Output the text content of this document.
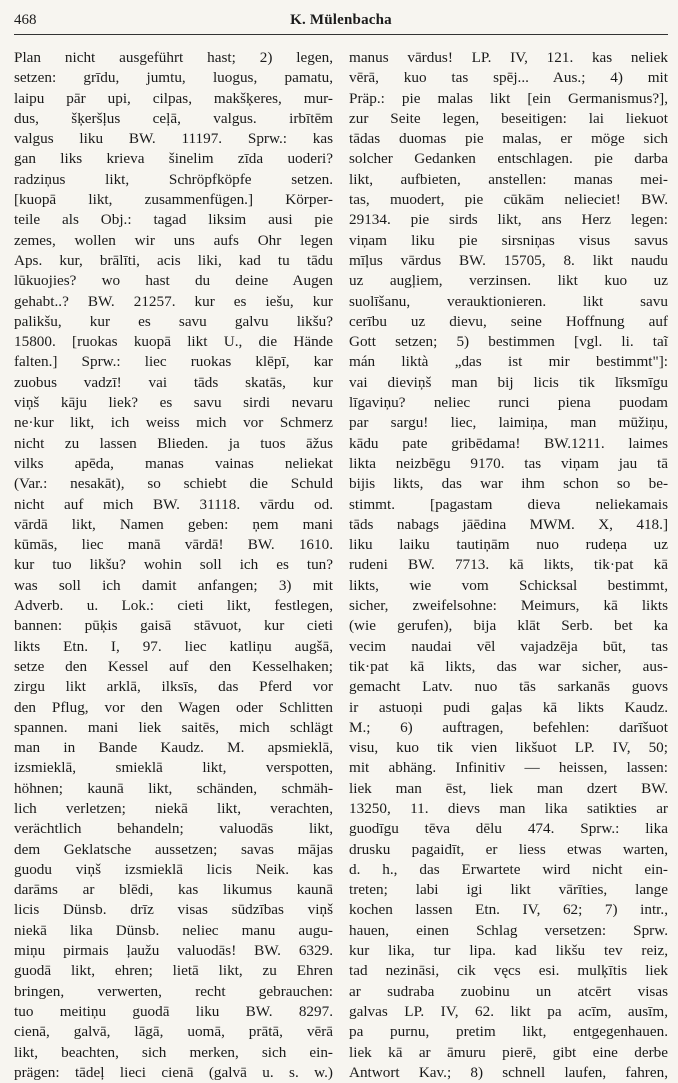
468	K. Mülenbacha

Plan nicht ausgeführt hast; 2) legen,

setzen: grīdu, jumtu, luogus, pamatu,

laipu pār upi, cilpas, makšķeres, mur-

dus, šķeršļus ceļā, valgus. irbītēm

valgus liku BW. 11197. Sprw.: kas

gan liks krieva šinelim zīda uoderi?

radziņus likt, Schröpfköpfe setzen.

[kuopā likt, zusammenfügen.] Körper-

teile als Obj.: tagad liksim ausi pie

zemes, wollen wir uns aufs Ohr legen

Aps. kur, brālīti, acis liki, kad tu tādu

lūkuojies? wo hast du deine Augen

gehabt..? BW. 21257. kur es iešu, kur

palikšu, kur es savu galvu likšu?

15800. [ruokas kuopā likt U., die Hände

falten.] Sprw.: liec ruokas klēpī, kar

zuobus vadzī! vai tāds skatās, kur

viņš kāju liek? es savu sirdi nevaru

ne·kur likt, ich weiss mich vor Schmerz

nicht zu lassen Blieden. ja tuos āžus

vilks apēda, manas vainas neliekat

(Var.: nesakāt), so schiebt die Schuld

nicht auf mich BW. 31118. vārdu od.

vārdā likt, Namen geben: ņem mani

kūmās, liec manā vārdā! BW. 1610.

kur tuo likšu? wohin soll ich es tun?

was soll ich damit anfangen; 3) mit

Adverb. u. Lok.: cieti likt, festlegen,

bannen: pūķis gaisā stāvuot, kur cieti

likts Etn. I, 97. liec katliņu augšā,

setze den Kessel auf den Kesselhaken;

zirgu likt arklā, ilksīs, das Pferd vor

den Pflug, vor den Wagen oder Schlitten

spannen. mani liek saitēs, mich schlägt

man in Bande Kaudz. M. apsmieklā,

izsmieklā, smieklā likt, verspotten,

höhnen; kaunā likt, schänden, schmäh-

lich verletzen; niekā likt, verachten,

verächtlich behandeln; valuodās likt,

dem Geklatsche aussetzen; savas mājas

guodu viņš izsmieklā licis Neik. kas

darāms ar blēdi, kas likumus kaunā

licis Dünsb. drīz visas sūdzības viņš

niekā lika Dünsb. neliec manu augu-

miņu pirmais ļaužu valuodās! BW. 6329.

guodā likt, ehren; lietā likt, zu Ehren

bringen, verwerten, recht gebrauchen:

tuo meitiņu guodā liku BW. 8297.

cienā, galvā, lāgā, uomā, prātā, vērā

likt, beachten, sich merken, sich ein-

prägen: tādeļ lieci cienā (galvā u. s. w.)

manus vārdus! LP. IV, 121. kas neliek

vērā, kuo tas spēj... Aus.; 4) mit

Präp.: pie malas likt [ein Germanismus?],

zur Seite legen, beseitigen: lai liekuot

tādas duomas pie malas, er möge sich

solcher Gedanken entschlagen. pie darba

likt, aufbieten, anstellen: manas mei-

tas, muodert, pie cūkām nelieciet! BW.

29134. pie sirds likt, ans Herz legen:

viņam liku pie sirsniņas visus savus

mīļus vārdus BW. 15705, 8. likt naudu

uz augļiem, verzinsen. likt kuo uz

suolīšanu, verauktionieren. likt savu

cerību uz dievu, seine Hoffnung auf

Gott setzen; 5) bestimmen [vgl. li. taĩ

mán liktà „das ist mir bestimmt"]:

vai dieviņš man bij licis tik līksmīgu

līgaviņu? neliec runci piena puodam

par sargu! liec, laimiņa, man mūžiņu,

kādu pate gribēdama! BW.1211. laimes

likta neizbēgu 9170. tas viņam jau tā

bijis likts, das war ihm schon so be-

stimmt. [pagastam dieva neliekamais

tāds nabags jāēdina MWM. X, 418.]

liku laiku tautiņām nuo rudeņa uz

rudeni BW. 7713. kā likts, tik·pat kā

likts, wie vom Schicksal bestimmt,

sicher, zweifelsohne: Meimurs, kā likts

(wie gerufen), bija klāt Serb. bet ka

vecim naudai vēl vajadzēja būt, tas

tik·pat kā likts, das war sicher, aus-

gemacht Latv. nuo tās sarkanās guovs

ir astuoņi pudi gaļas kā likts Kaudz.

M.; 6) auftragen, befehlen: darīšuot

visu, kuo tik vien likšuot LP. IV, 50;

mit abhäng. Infinitiv — heissen, lassen:

liek man ēst, liek man dzert BW.

13250, 11. dievs man lika satikties ar

guodīgu tēva dēlu 474. Sprw.: lika

drusku pagaidīt, er liess etwas warten,

d. h., das Erwartete wird nicht ein-

treten; labi igi likt vārīties, lange

kochen lassen Etn. IV, 62; 7) intr.,

hauen, einen Schlag versetzen: Sprw.

kur lika, tur lipa. kad likšu tev reiz,

tad nezināsi, cik vęcs esi. mulķītis liek

ar sudraba zuobinu un atcērt visas

galvas LP. IV, 62. likt pa acīm, ausīm,

pa purnu, pretim likt, entgegenhauen.

liek kā ar āmuru pierē, gibt eine derbe

Antwort Kav.; 8) schnell laufen, fahren,
